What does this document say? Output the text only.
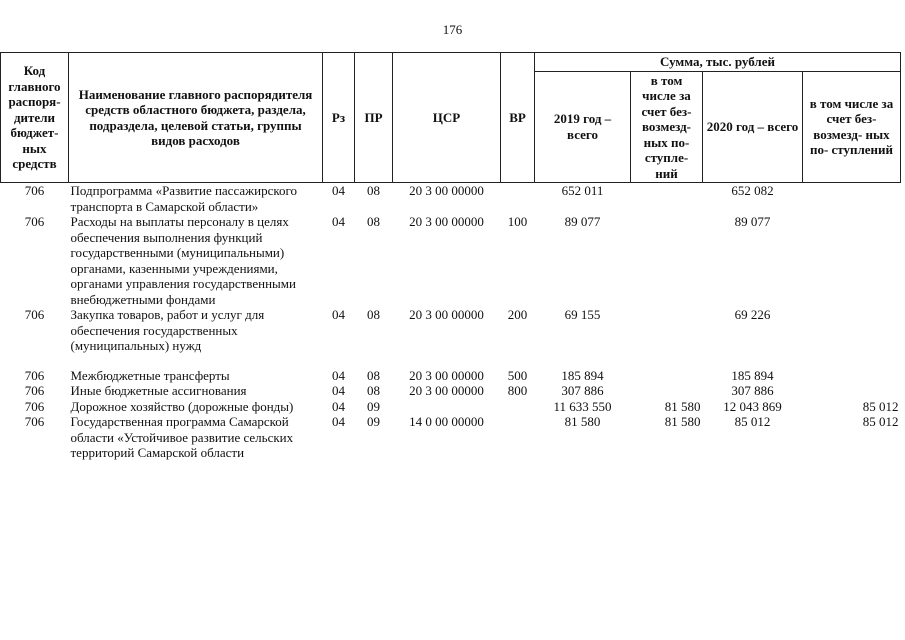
176
Код главного распоря- дители бюджет- ных средств	Наименование главного распорядителя средств областного бюджета, раздела, подраздела, целевой статьи, группы видов расходов	Рз	ПР	ЦСР	ВР	Сумма, тыс. рублей			
						2019 год – всего	в том числе за счет без- возмезд- ных по- ступле- ний	2020 год – всего	в том числе за счет без- возмезд- ных по- ступлений
706	Подпрограмма «Развитие пассажирского транспорта в Самарской области»	04	08	20 3 00 00000		652 011		652 082	
706	Расходы на выплаты персоналу в целях обеспечения выполнения функций государственными (муниципальными) органами, казенными учреждениями, органами управления государственными внебюджетными фондами	04	08	20 3 00 00000	100	89 077		89 077	
706	Закупка товаров, работ и услуг для обеспечения государственных (муниципальных) нужд	04	08	20 3 00 00000	200	69 155		69 226	

706	Межбюджетные трансферты	04	08	20 3 00 00000	500	185 894		185 894	
706	Иные бюджетные ассигнования	04	08	20 3 00 00000	800	307 886		307 886	
706	Дорожное хозяйство (дорожные фонды)	04	09			11 633 550	81 580	12 043 869	85 012
706	Государственная программа Самарской области «Устойчивое развитие сельских территорий Самарской области	04	09	14 0 00 00000		81 580	81 580	85 012	85 012
